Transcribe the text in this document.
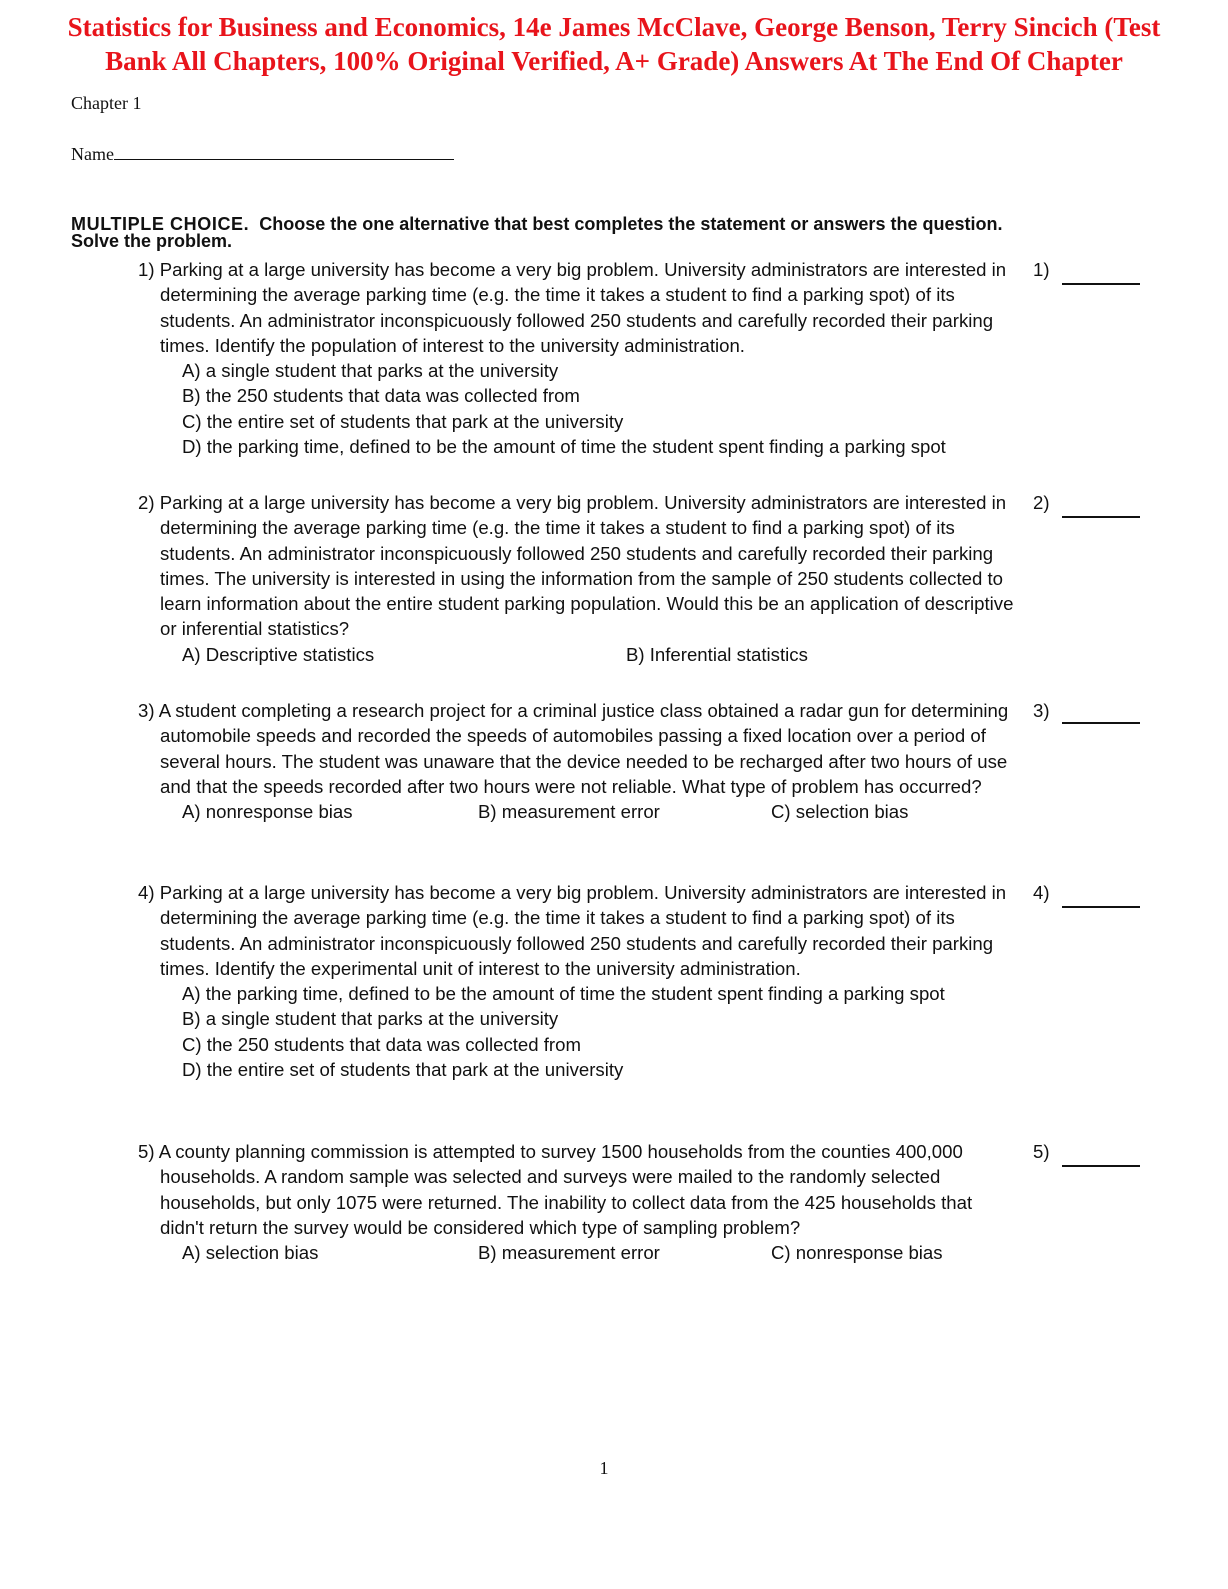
Statistics for Business and Economics, 14e James McClave, George Benson, Terry Sincich (Test
Bank All Chapters, 100% Original Verified, A+ Grade) Answers At The End Of Chapter
Chapter 1
Name
MULTIPLE CHOICE. Choose the one alternative that best completes the statement or answers the question.
Solve the problem.
1) Parking at a large university has become a very big problem. University administrators are interested in determining the average parking time (e.g. the time it takes a student to find a parking spot) of its students. An administrator inconspicuously followed 250 students and carefully recorded their parking times. Identify the population of interest to the university administration.
A) a single student that parks at the university
B) the 250 students that data was collected from
C) the entire set of students that park at the university
D) the parking time, defined to be the amount of time the student spent finding a parking spot
1)
2) Parking at a large university has become a very big problem. University administrators are interested in determining the average parking time (e.g. the time it takes a student to find a parking spot) of its students. An administrator inconspicuously followed 250 students and carefully recorded their parking times. The university is interested in using the information from the sample of 250 students collected to learn information about the entire student parking population. Would this be an application of descriptive or inferential statistics?
A) Descriptive statistics	B) Inferential statistics
2)
3) A student completing a research project for a criminal justice class obtained a radar gun for determining automobile speeds and recorded the speeds of automobiles passing a fixed location over a period of several hours. The student was unaware that the device needed to be recharged after two hours of use and that the speeds recorded after two hours were not reliable. What type of problem has occurred?
A) nonresponse bias	B) measurement error	C) selection bias
3)
4) Parking at a large university has become a very big problem. University administrators are interested in determining the average parking time (e.g. the time it takes a student to find a parking spot) of its students. An administrator inconspicuously followed 250 students and carefully recorded their parking times. Identify the experimental unit of interest to the university administration.
A) the parking time, defined to be the amount of time the student spent finding a parking spot
B) a single student that parks at the university
C) the 250 students that data was collected from
D) the entire set of students that park at the university
4)
5) A county planning commission is attempted to survey 1500 households from the counties 400,000 households. A random sample was selected and surveys were mailed to the randomly selected households, but only 1075 were returned. The inability to collect data from the 425 households that didn't return the survey would be considered which type of sampling problem?
A) selection bias	B) measurement error	C) nonresponse bias
5)
1
